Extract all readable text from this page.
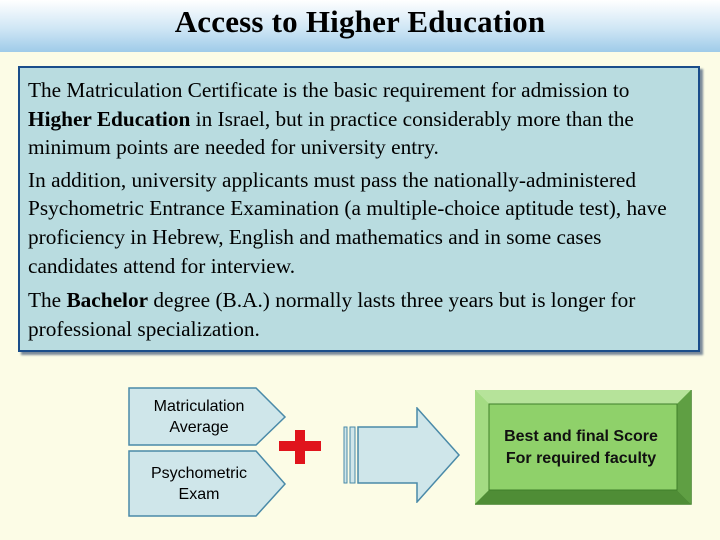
Access to Higher Education

The Matriculation Certificate is the basic requirement for admission to Higher Education in Israel, but in practice considerably more than the minimum points are needed for university entry.

In addition, university applicants must pass the nationally-administered Psychometric Entrance Examination (a multiple-choice aptitude test), have proficiency in Hebrew, English and mathematics and in some cases candidates attend for interview.

The Bachelor degree (B.A.) normally lasts three years but is longer for professional specialization.

Matriculation
Average
Psychometric
Exam
Best and final Score
For required faculty
